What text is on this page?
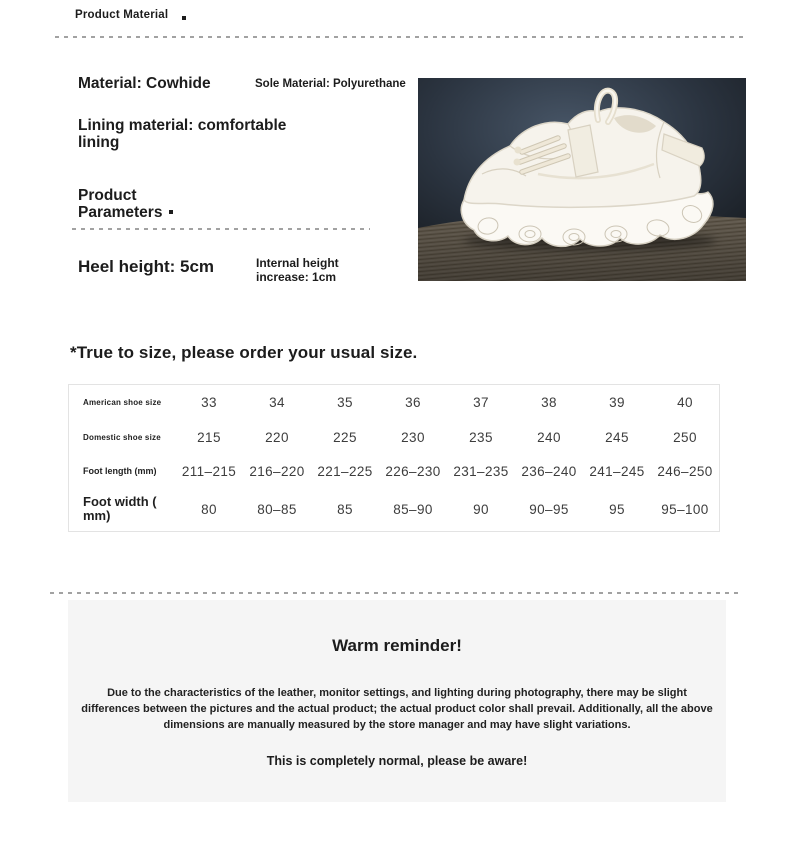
Product Material
Material: Cowhide	Sole Material: Polyurethane
Lining material: comfortable lining
Product Parameters
Heel height: 5cm	Internal height increase: 1cm
*True to size, please order your usual size.
American shoe size	33	34	35	36	37	38	39	40
Domestic shoe size	215	220	225	230	235	240	245	250
Foot length (mm)	211–215 216–220 221–225 226–230 231–235 236–240 241–245 246–250
Foot width ( mm)	80	80–85	85	85–90	90	90–95	95	95–100
Warm reminder!
Due to the characteristics of the leather, monitor settings, and lighting during photography, there may be slight differences between the pictures and the actual product; the actual product color shall prevail. Additionally, all the above dimensions are manually measured by the store manager and may have slight variations.
This is completely normal, please be aware!
